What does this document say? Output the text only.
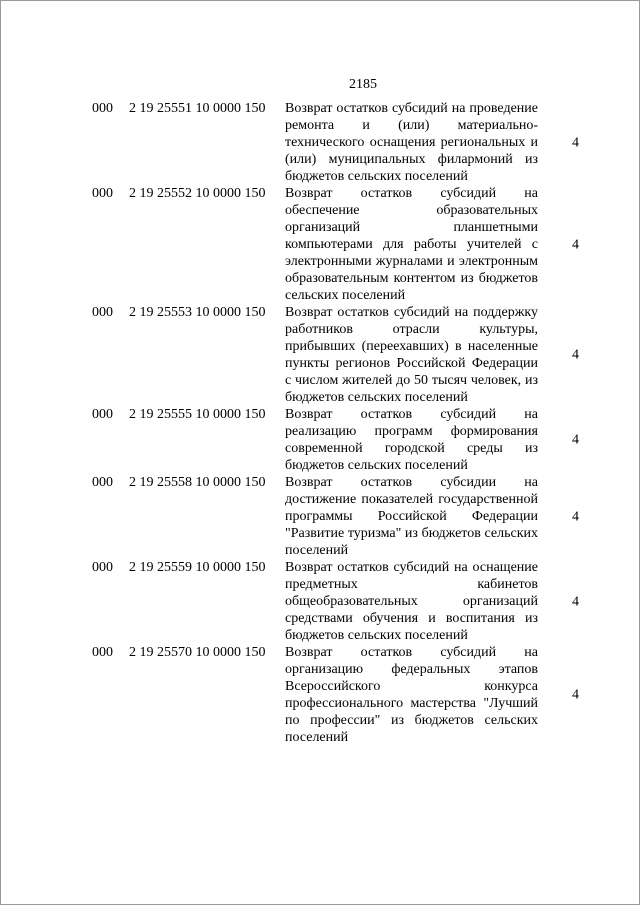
2185
000 2 19 25551 10 0000 150 Возврат остатков субсидий на проведение ремонта и (или) материально-технического оснащения региональных и (или) муниципальных филармоний из бюджетов сельских поселений
4
000 2 19 25552 10 0000 150 Возврат остатков субсидий на обеспечение образовательных организаций планшетными компьютерами для работы учителей с электронными журналами и электронным образовательным контентом из бюджетов сельских поселений
4
000 2 19 25553 10 0000 150 Возврат остатков субсидий на поддержку работников отрасли культуры, прибывших (переехавших) в населенные пункты регионов Российской Федерации с числом жителей до 50 тысяч человек, из бюджетов сельских поселений
4
000 2 19 25555 10 0000 150 Возврат остатков субсидий на реализацию программ формирования современной городской среды из бюджетов сельских поселений
4
000 2 19 25558 10 0000 150 Возврат остатков субсидии на достижение показателей государственной программы Российской Федерации "Развитие туризма" из бюджетов сельских поселений
4
000 2 19 25559 10 0000 150 Возврат остатков субсидий на оснащение предметных кабинетов общеобразовательных организаций средствами обучения и воспитания из бюджетов сельских поселений
4
000 2 19 25570 10 0000 150 Возврат остатков субсидий на организацию федеральных этапов Всероссийского конкурса профессионального мастерства "Лучший по профессии" из бюджетов сельских поселений
4
